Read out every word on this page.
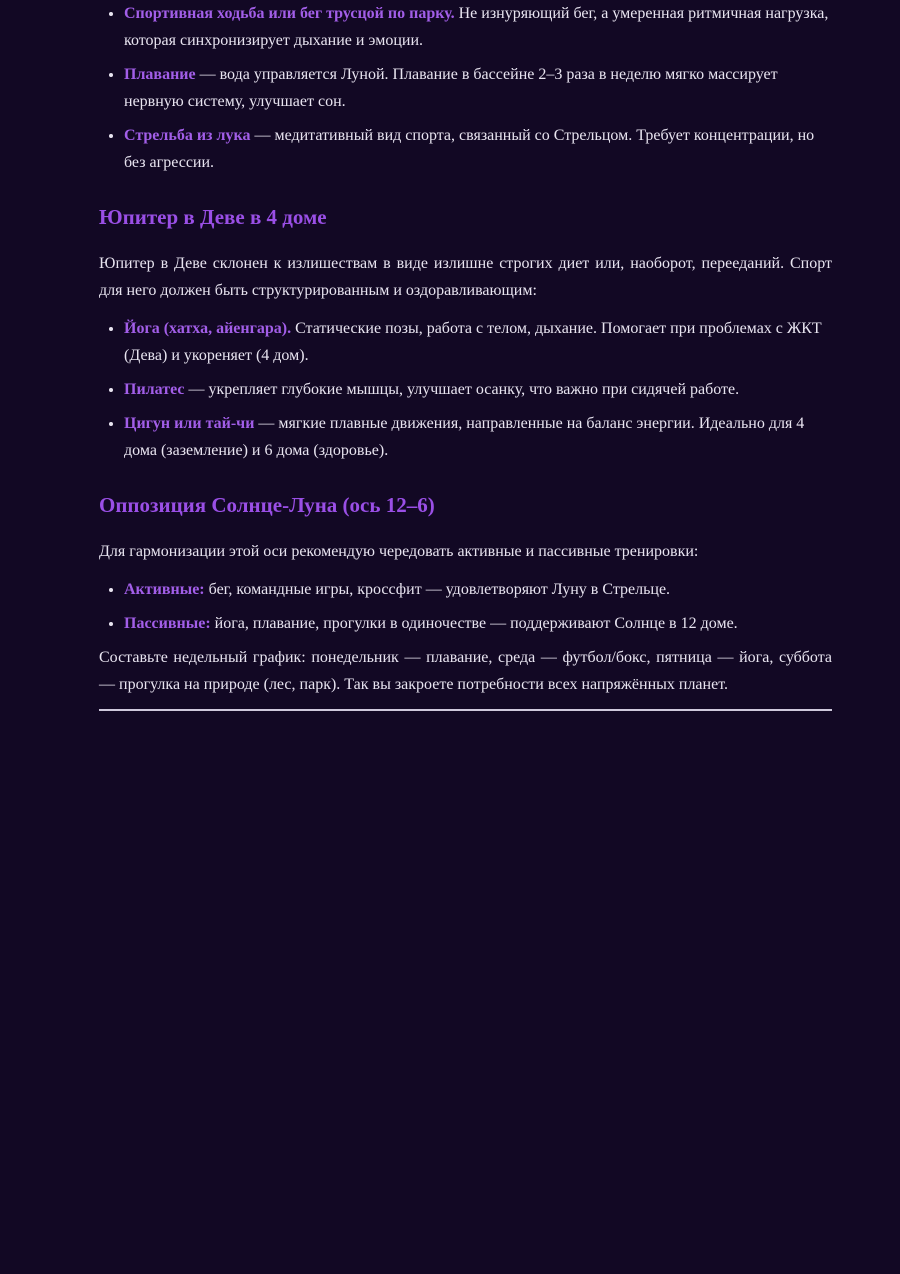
• Спортивная ходьба или бег трусцой по парку. Не изнуряющий бег, а умеренная ритмичная нагрузка, которая синхронизирует дыхание и эмоции.
• Плавание — вода управляется Луной. Плавание в бассейне 2–3 раза в неделю мягко массирует нервную систему, улучшает сон.
• Стрельба из лука — медитативный вид спорта, связанный со Стрельцом. Требует концентрации, но без агрессии.
Юпитер в Деве в 4 доме

Юпитер в Деве склонен к излишествам в виде излишне строгих диет или, наоборот, перееданий. Спорт для него должен быть структурированным и оздоравливающим:

• Йога (хатха, айенгара). Статические позы, работа с телом, дыхание. Помогает при проблемах с ЖКТ (Дева) и укореняет (4 дом).
• Пилатес — укрепляет глубокие мышцы, улучшает осанку, что важно при сидячей работе.
• Цигун или тай-чи — мягкие плавные движения, направленные на баланс энергии. Идеально для 4 дома (заземление) и 6 дома (здоровье).
Оппозиция Солнце-Луна (ось 12–6)

Для гармонизации этой оси рекомендую чередовать активные и пассивные тренировки:

• Активные: бег, командные игры, кроссфит — удовлетворяют Луну в Стрельце.
• Пассивные: йога, плавание, прогулки в одиночестве — поддерживают Солнце в 12 доме.

Составьте недельный график: понедельник — плавание, среда — футбол/бокс, пятница — йога, суббота — прогулка на природе (лес, парк). Так вы закроете потребности всех напряжённых планет.
